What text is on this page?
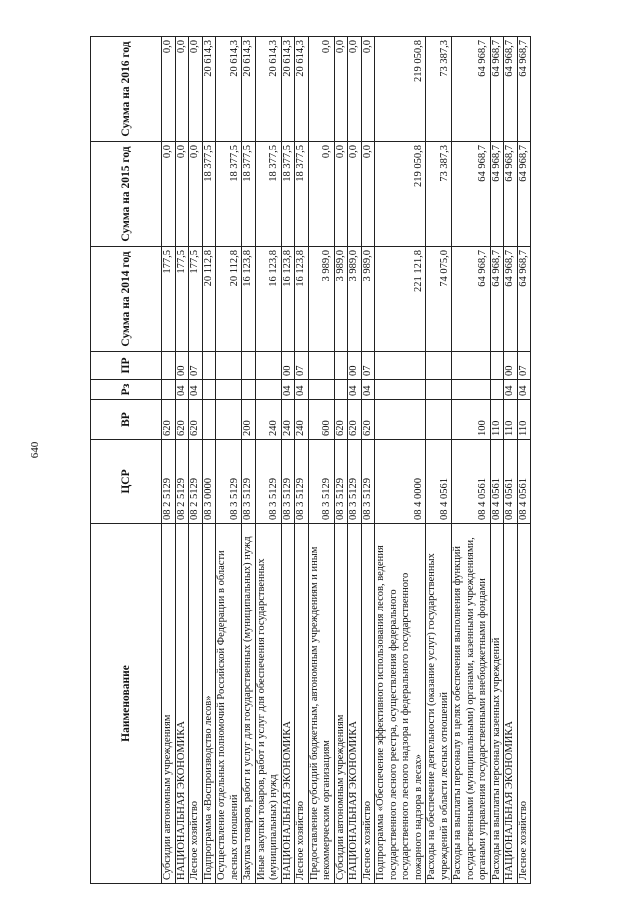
640
Наименование	ЦСР	ВР	Рз	ПР	Сумма на 2014 год	Сумма на 2015 год	Сумма на 2016 год
Субсидии автономным учреждениям	08 2 5129	620			177,5	0,0	0,0
НАЦИОНАЛЬНАЯ ЭКОНОМИКА	08 2 5129	620	04	00	177,5	0,0	0,0
Лесное хозяйство	08 2 5129	620	04	07	177,5	0,0	0,0
Подпрограмма «Воспроизводство лесов»	08 3 0000				20 112,8	18 377,5	20 614,3
Осуществление отдельных полномочий Российской Федерации в области лесных отношений	08 3 5129				20 112,8	18 377,5	20 614,3
Закупка товаров, работ и услуг для государственных (муниципальных) нужд	08 3 5129	200			16 123,8	18 377,5	20 614,3
Иные закупки товаров, работ и услуг для обеспечения государственных (муниципальных) нужд	08 3 5129	240			16 123,8	18 377,5	20 614,3
НАЦИОНАЛЬНАЯ ЭКОНОМИКА	08 3 5129	240	04	00	16 123,8	18 377,5	20 614,3
Лесное хозяйство	08 3 5129	240	04	07	16 123,8	18 377,5	20 614,3
Предоставление субсидий бюджетным, автономным учреждениям и иным некоммерческим организациям	08 3 5129	600			3 989,0	0,0	0,0
Субсидии автономным учреждениям	08 3 5129	620			3 989,0	0,0	0,0
НАЦИОНАЛЬНАЯ ЭКОНОМИКА	08 3 5129	620	04	00	3 989,0	0,0	0,0
Лесное хозяйство	08 3 5129	620	04	07	3 989,0	0,0	0,0
Подпрограмма «Обеспечение эффективного использования лесов, ведения государственного лесного реестра, осуществления федерального государственного лесного надзора и федерального государственного пожарного надзора в лесах»	08 4 0000				221 121,8	219 050,8	219 050,8
Расходы на обеспечение деятельности (оказание услуг) государственных учреждений в области лесных отношений	08 4 0561				74 075,0	73 387,3	73 387,3
Расходы на выплаты персоналу в целях обеспечения выполнения функций государственными (муниципальными) органами, казенными учреждениями, органами управления государственными внебюджетными фондами	08 4 0561	100			64 968,7	64 968,7	64 968,7
Расходы на выплаты персоналу казенных учреждений	08 4 0561	110			64 968,7	64 968,7	64 968,7
НАЦИОНАЛЬНАЯ ЭКОНОМИКА	08 4 0561	110	04	00	64 968,7	64 968,7	64 968,7
Лесное хозяйство	08 4 0561	110	04	07	64 968,7	64 968,7	64 968,7
